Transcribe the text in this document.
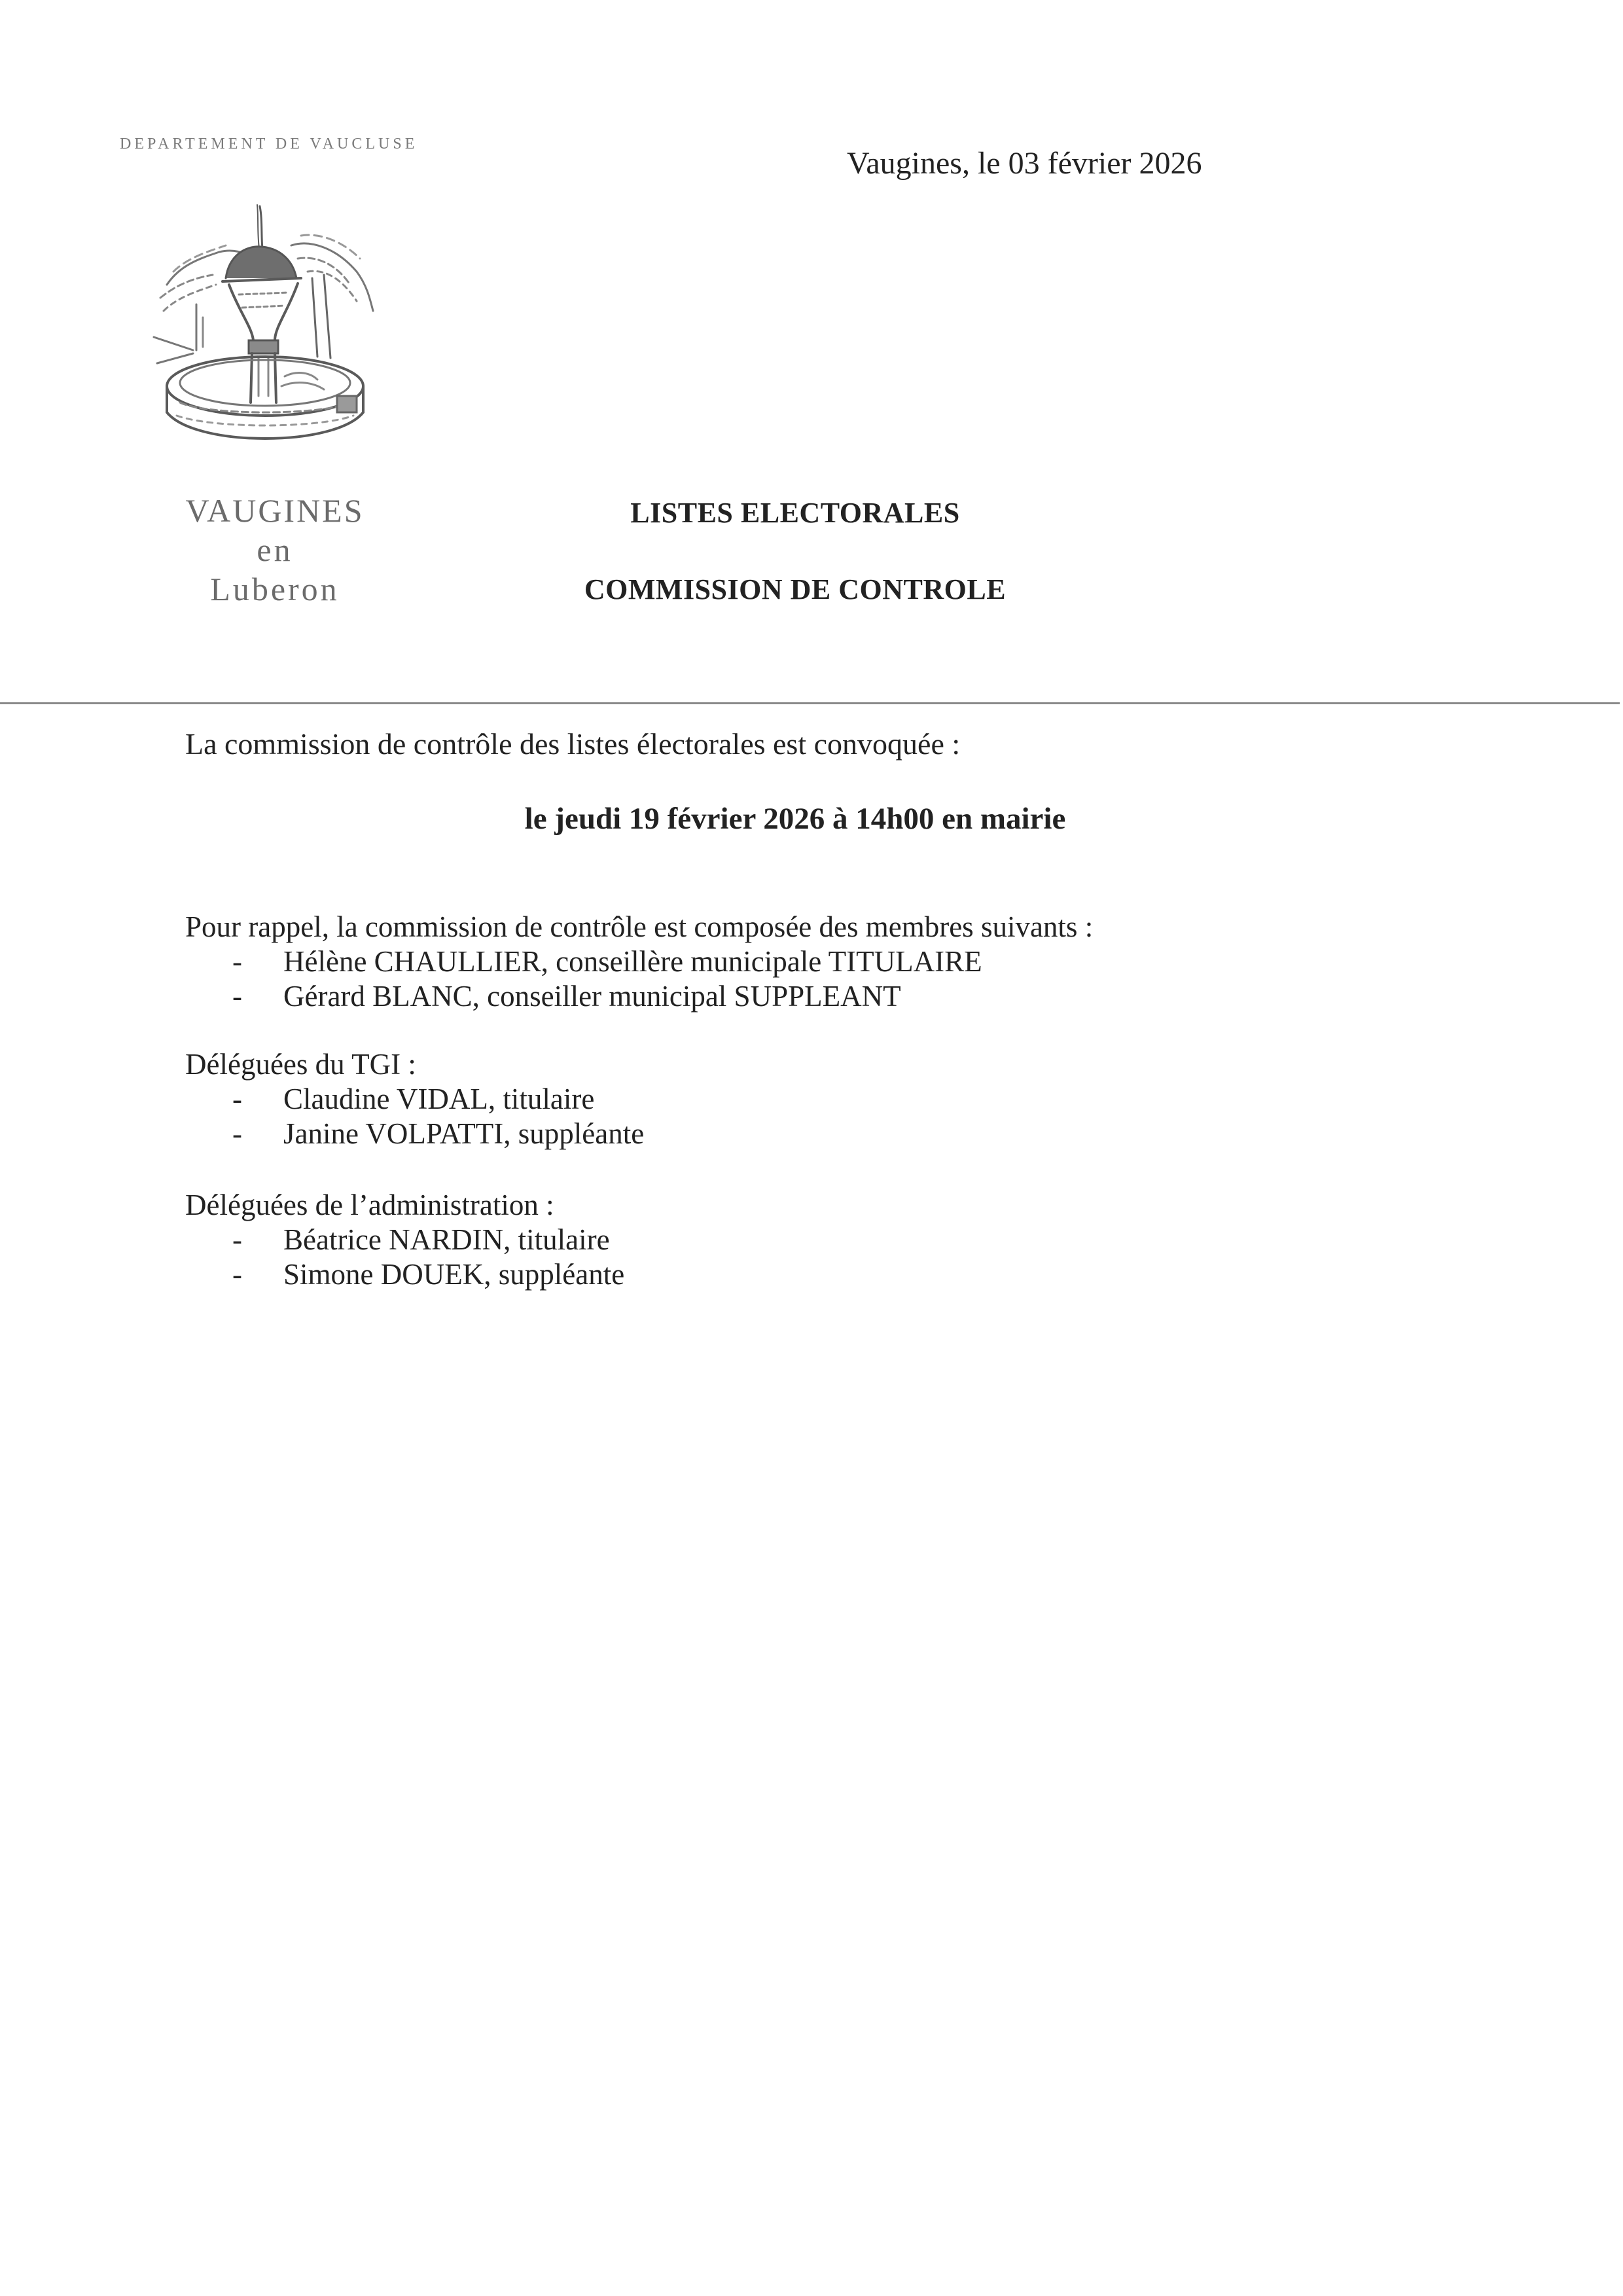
DEPARTEMENT DE VAUCLUSE
VAUGINES
en
Luberon
Vaugines, le 03 février 2026
LISTES ELECTORALES
COMMISSION DE CONTROLE
La commission de contrôle des listes électorales est convoquée :
le jeudi 19 février 2026 à 14h00 en mairie
Pour rappel, la commission de contrôle est composée des membres suivants :
- Hélène CHAULLIER, conseillère municipale TITULAIRE
- Gérard BLANC, conseiller municipal SUPPLEANT
Déléguées du TGI :
- Claudine VIDAL, titulaire
- Janine VOLPATTI, suppléante
Déléguées de l’administration :
- Béatrice NARDIN, titulaire
- Simone DOUEK, suppléante
